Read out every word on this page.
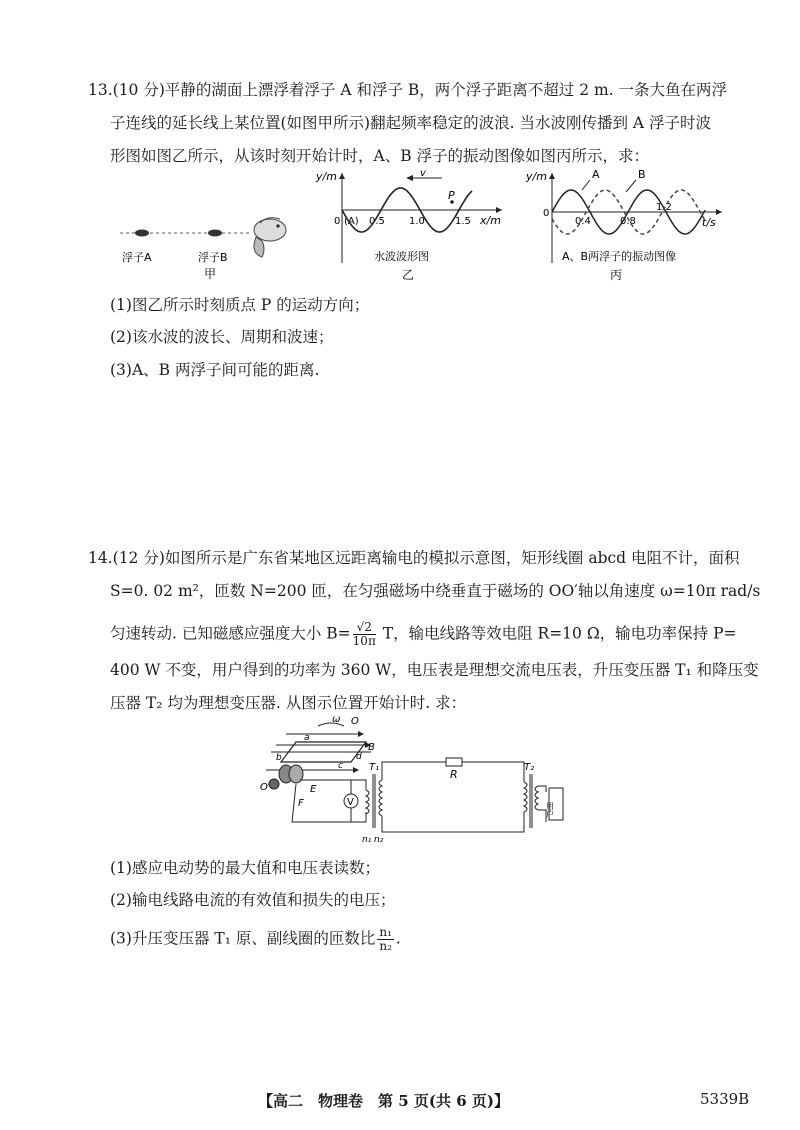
13.(10 分)平静的湖面上漂浮着浮子 A 和浮子 B，两个浮子距离不超过 2 m. 一条大鱼在两浮
子连线的延长线上某位置(如图甲所示)翻起频率稳定的波浪. 当水波刚传播到 A 浮子时波
形图如图乙所示，从该时刻开始计时，A、B 浮子的振动图像如图丙所示，求：
浮子A	浮子B
甲
y/m
x/m
0 (A) 0.5 1.0	1.5
v
P
水波波形图
乙
y/m
t/s
0
0.4	0.8
1.2
A	B
A、B两浮子的振动图像
丙
(1)图乙所示时刻质点 P 的运动方向；
(2)该水波的波长、周期和波速；
(3)A、B 两浮子间可能的距离.
14.(12 分)如图所示是广东省某地区远距离输电的模拟示意图，矩形线圈 abcd 电阻不计，面积
S=0. 02 m²，匝数 N=200 匝，在匀强磁场中绕垂直于磁场的 OO′轴以角速度 ω=10π rad/s
匀速转动. 已知磁感应强度大小 $B= \frac{√2}{10\pi}$ T，输电线路等效电阻 R=10 Ω，输电功率保持 P=
400 W 不变，用户得到的功率为 360 W，电压表是理想交流电压表，升压变压器 T₁ 和降压变
压器 T₂ 均为理想变压器. 从图示位置开始计时. 求：
ω O
a
b
c
d
B
O′	E
F	V
T₁
n₁ n₂
R
T₂
用户
(1)感应电动势的最大值和电压表读数；
(2)输电线路电流的有效值和损失的电压；
(3)升压变压器 T₁ 原、副线圈的匝数比 $\frac{\text{n₁}}{\text{n₂}}$ .
【高二　物理卷　第 5 页(共 6 页)】	5339B
